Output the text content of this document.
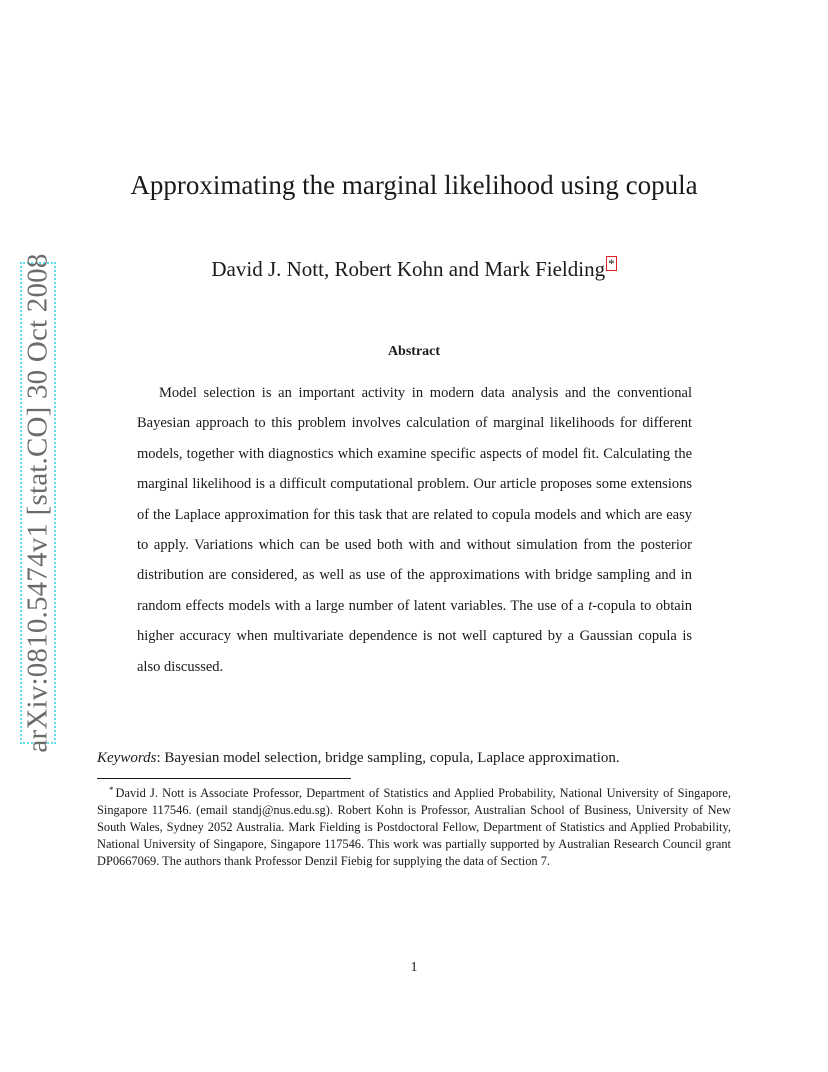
arXiv:0810.5474v1 [stat.CO] 30 Oct 2008
Approximating the marginal likelihood using copula
David J. Nott, Robert Kohn and Mark Fielding *
Abstract

Model selection is an important activity in modern data analysis and the conventional Bayesian approach to this problem involves calculation of marginal likelihoods for different models, together with diagnostics which examine specific aspects of model fit. Calculating the marginal likelihood is a difficult computational problem. Our article proposes some extensions of the Laplace approximation for this task that are related to copula models and which are easy to apply. Variations which can be used both with and without simulation from the posterior distribution are considered, as well as use of the approximations with bridge sampling and in random effects models with a large number of latent variables. The use of a t-copula to obtain higher accuracy when multivariate dependence is not well captured by a Gaussian copula is also discussed.

Keywords: Bayesian model selection, bridge sampling, copula, Laplace approximation.

* David J. Nott is Associate Professor, Department of Statistics and Applied Probability, National University of Singapore, Singapore 117546. (email standj@nus.edu.sg). Robert Kohn is Professor, Australian School of Business, University of New South Wales, Sydney 2052 Australia. Mark Fielding is Postdoctoral Fellow, Department of Statistics and Applied Probability, National University of Singapore, Singapore 117546. This work was partially supported by Australian Research Council grant DP0667069. The authors thank Professor Denzil Fiebig for supplying the data of Section 7.

1
